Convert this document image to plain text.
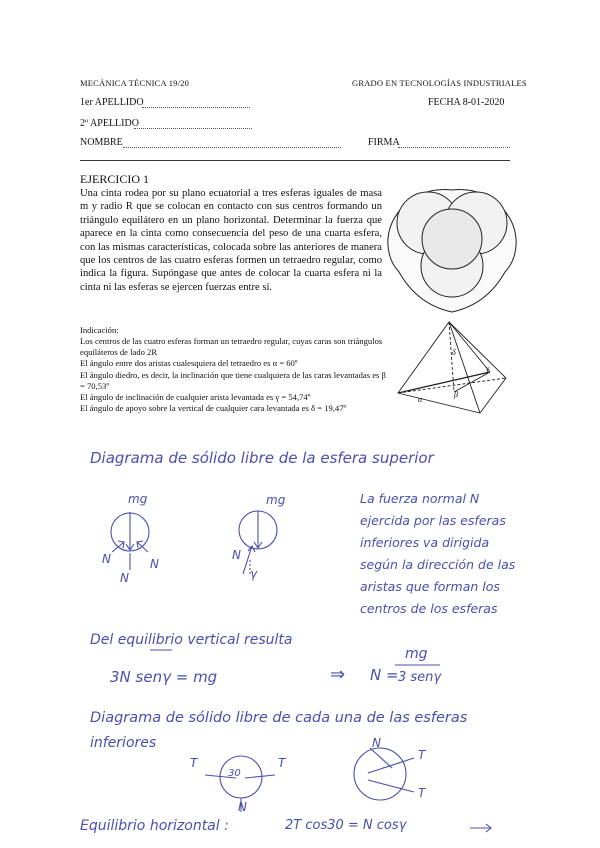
MECÁNICA TÉCNICA 19/20	GRADO EN TECNOLOGÍAS INDUSTRIALES
1er APELLIDO	FECHA 8-01-2020
2º APELLIDO
NOMBRE	FIRMA
EJERCICIO 1
Una cinta rodea por su plano ecuatorial a tres esferas iguales de masa m y radio R que se colocan en contacto con sus centros formando un triángulo equilátero en un plano horizontal. Determinar la fuerza que aparece en la cinta como consecuencia del peso de una cuarta esfera, con las mismas características, colocada sobre las anteriores de manera que los centros de las cuatro esferas formen un tetraedro regular, como indica la figura. Supóngase que antes de colocar la cuarta esfera ni la cinta ni las esferas se ejercen fuerzas entre sí.
Indicación:
Los centros de las cuatro esferas forman un tetraedro regular, cuyas caras son triángulos equiláteros de lado 2R
El ángulo entre dos aristas cualesquiera del tetraedro es α = 60º
El ángulo diedro, es decir, la inclinación que tiene cualquiera de las caras levantadas es β = 70,53º
El ángulo de inclinación de cualquier arista levantada es γ = 54,74º
El ángulo de apoyo sobre la vertical de cualquier cara levantada es δ = 19,47º
δ
α
β
γ
Diagrama de sólido libre de la esfera superior
mg
N
N
N
mg
N
γ
La fuerza normal N
ejercida por las esferas
inferiores va dirigida
según la dirección de las
aristas que forman los
centros de los esferas
Del equilibrio vertical resulta
3N senγ = mg	⇒ N =
mg
3 senγ
Diagrama de sólido libre de cada una de las esferas
inferiores
T	T
30
N
N
T
T
Equilibrio horizontal :	2T cos30 = N cosγ
